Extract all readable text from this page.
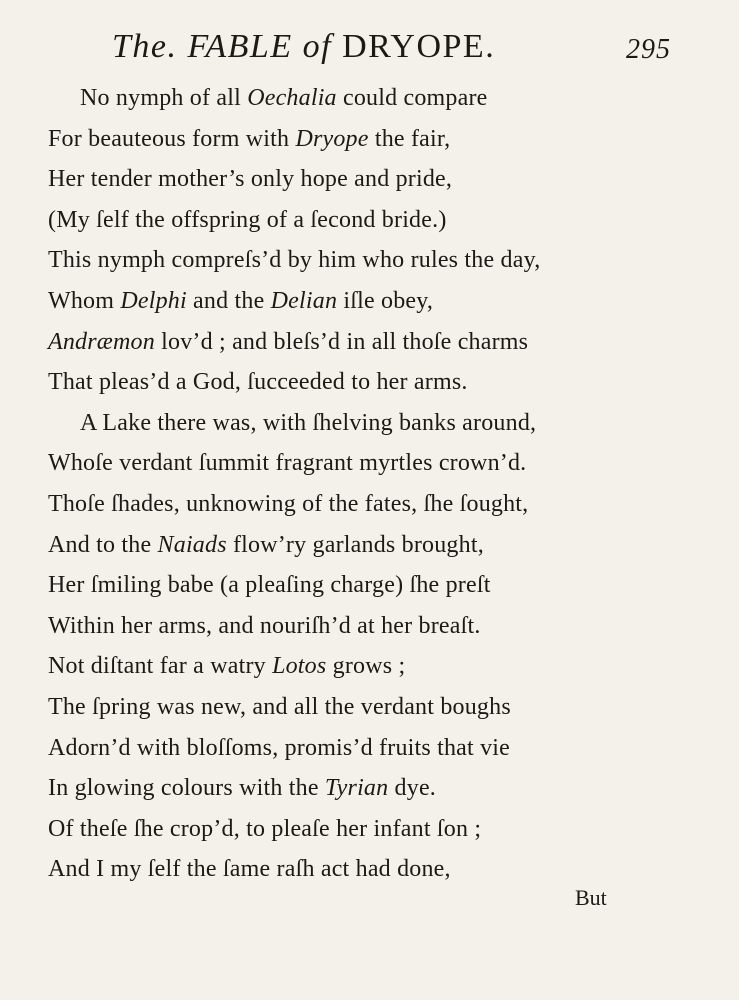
The. FABLE of DRYOPE.	295
No nymph of all Oechalia could compare
For beauteous form with Dryope the fair,
Her tender mother’s only hope and pride,
(My ſelf the offspring of a ſecond bride.)
This nymph compreſs’d by him who rules the day,
Whom Delphi and the Delian iſle obey,
Andræmon lov’d ; and bleſs’d in all thoſe charms
That pleas’d a God, ſucceeded to her arms.
A Lake there was, with ſhelving banks around,
Whoſe verdant ſummit fragrant myrtles crown’d.
Thoſe ſhades, unknowing of the fates, ſhe ſought,
And to the Naiads flow’ry garlands brought,
Her ſmiling babe (a pleaſing charge) ſhe preſt
Within her arms, and nouriſh’d at her breaſt.
Not diſtant far a watry Lotos grows ;
The ſpring was new, and all the verdant boughs
Adorn’d with bloſſoms, promis’d fruits that vie
In glowing colours with the Tyrian dye.
Of theſe ſhe crop’d, to pleaſe her infant ſon ;
And I my ſelf the ſame raſh act had done,
But
